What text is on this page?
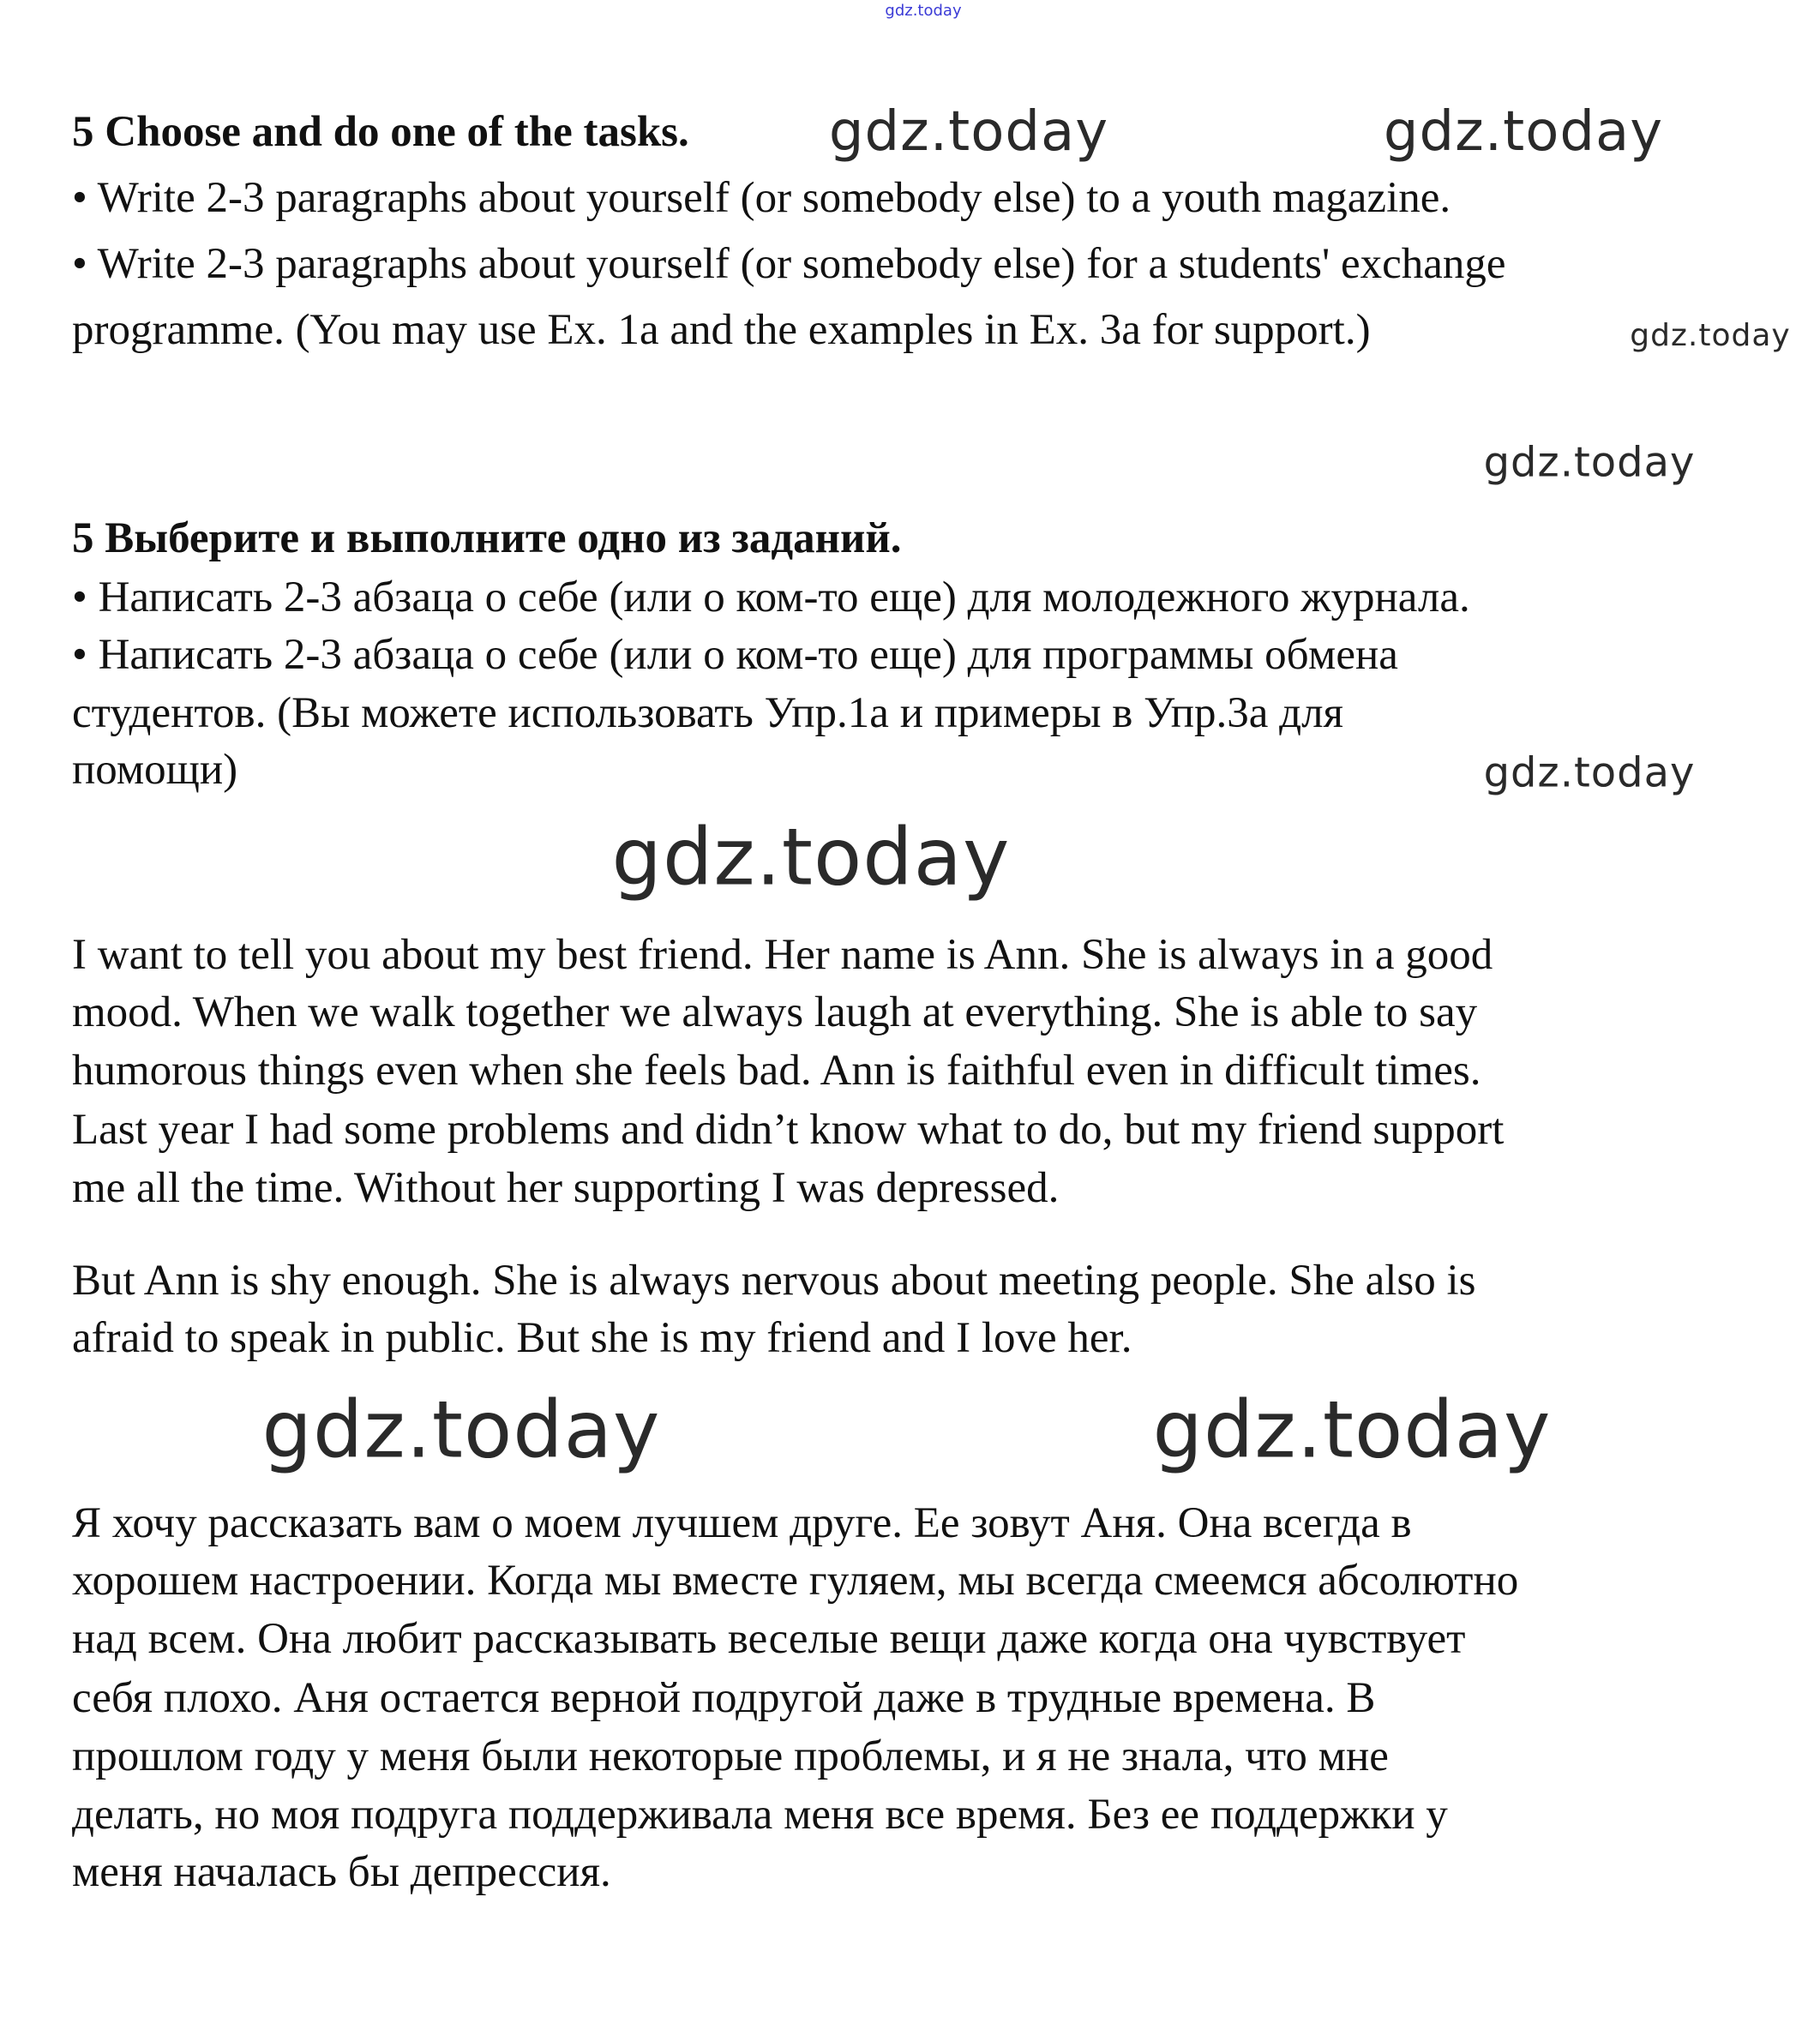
5 Choose and do one of the tasks.
• Write 2-3 paragraphs about yourself (or somebody else) to a youth magazine.
• Write 2-3 paragraphs about yourself (or somebody else) for a students' exchange
programme. (You may use Ex. 1a and the examples in Ex. 3a for support.)
5 Выберите и выполните одно из заданий.
• Написать 2-3 абзаца о себе (или о ком-то еще) для молодежного журнала.
• Написать 2-3 абзаца о себе (или о ком-то еще) для программы обмена
студентов. (Вы можете использовать Упр.1а и примеры в Упр.3а для
помощи)
I want to tell you about my best friend. Her name is Ann. She is always in a good
mood. When we walk together we always laugh at everything. She is able to say
humorous things even when she feels bad. Ann is faithful even in difficult times.
Last year I had some problems and didn’t know what to do, but my friend support
me all the time. Without her supporting I was depressed.
But Ann is shy enough. She is always nervous about meeting people. She also is
afraid to speak in public. But she is my friend and I love her.
Я хочу рассказать вам о моем лучшем друге. Ее зовут Аня. Она всегда в
хорошем настроении. Когда мы вместе гуляем, мы всегда смеемся абсолютно
над всем. Она любит рассказывать веселые вещи даже когда она чувствует
себя плохо. Аня остается верной подругой даже в трудные времена. В
прошлом году у меня были некоторые проблемы, и я не знала, что мне
делать, но моя подруга поддерживала меня все время. Без ее поддержки у
меня началась бы депрессия.
gdz.today
gdz.today	gdz.today
gdz.today
gdz.today
gdz.today
gdz.today
gdz.today	gdz.today
